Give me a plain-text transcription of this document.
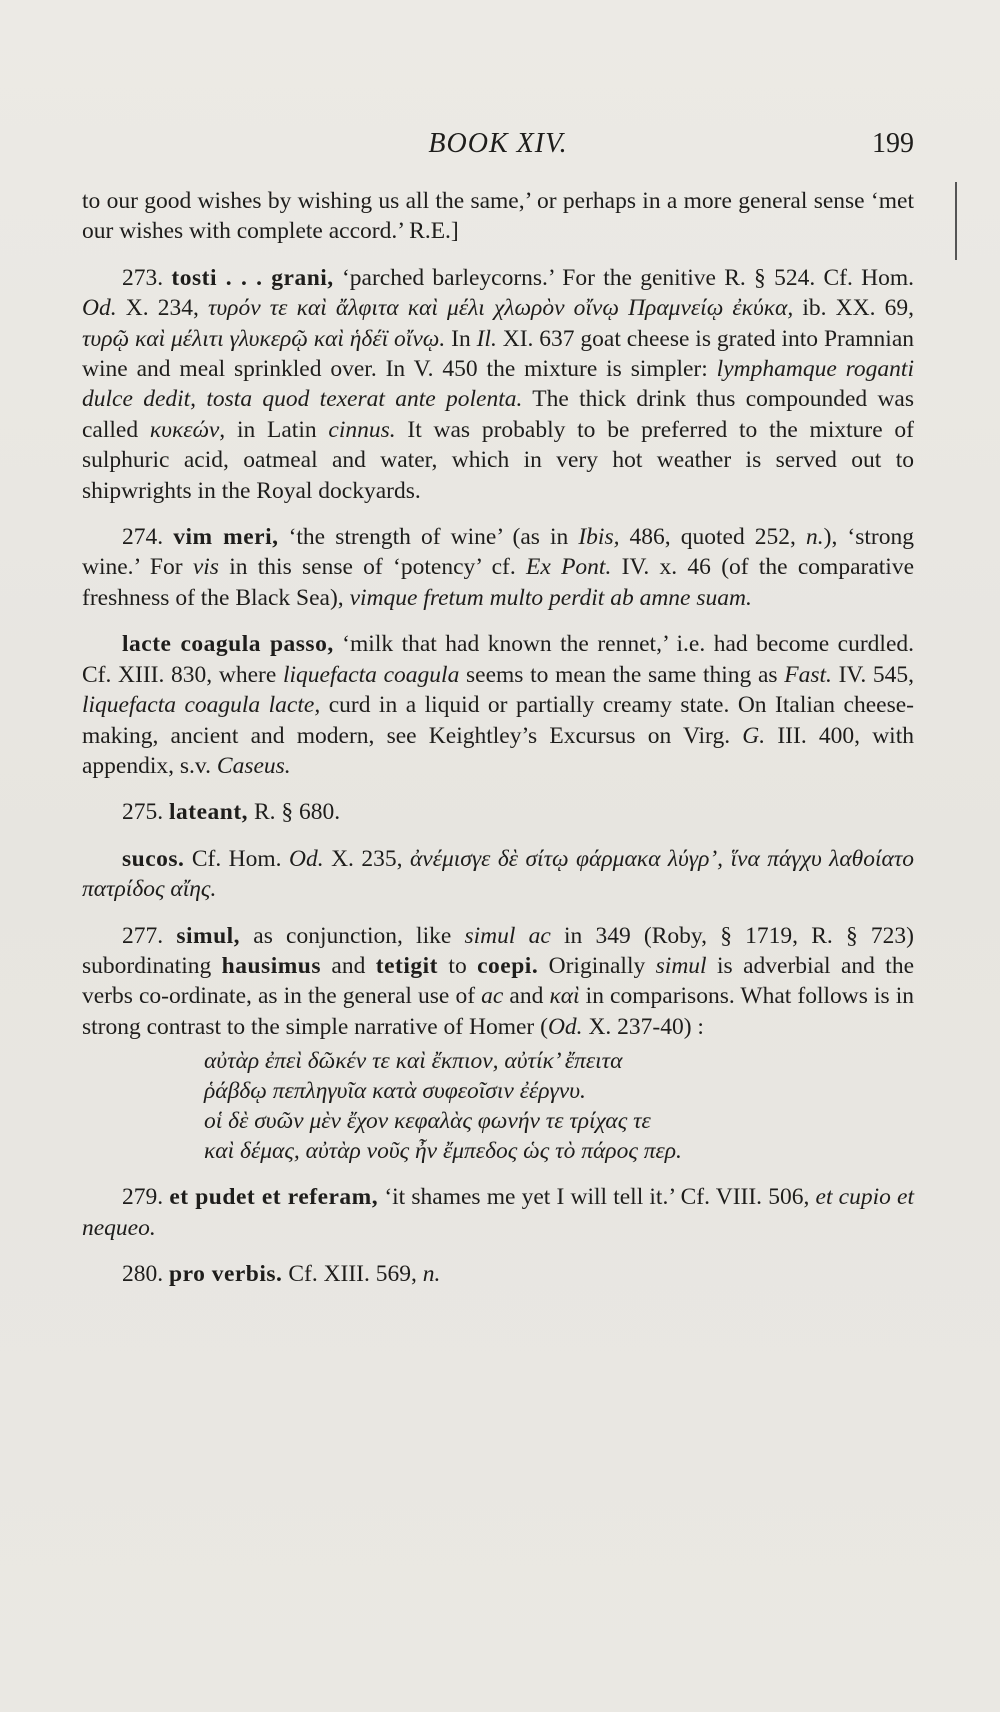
BOOK XIV.	199

to our good wishes by wishing us all the same,’ or perhaps in a more general sense ‘met our wishes with complete accord.’ R.E.]

273. tosti . . . grani, ‘parched barleycorns.’ For the genitive R. § 524. Cf. Hom. Od. X. 234, τυρόν τε καὶ ἄλφιτα καὶ μέλι χλωρὸν οἴνῳ Πραμνείῳ ἐκύκα, ib. XX. 69, τυρῷ καὶ μέλιτι γλυκερῷ καὶ ἡδέϊ οἴνῳ. In Il. XI. 637 goat cheese is grated into Pramnian wine and meal sprinkled over. In V. 450 the mixture is simpler: lymphamque roganti dulce dedit, tosta quod texerat ante polenta. The thick drink thus compounded was called κυκεών, in Latin cinnus. It was probably to be preferred to the mixture of sulphuric acid, oatmeal and water, which in very hot weather is served out to shipwrights in the Royal dockyards.

274. vim meri, ‘the strength of wine’ (as in Ibis, 486, quoted 252, n.), ‘strong wine.’ For vis in this sense of ‘potency’ cf. Ex Pont. IV. x. 46 (of the comparative freshness of the Black Sea), vimque fretum multo perdit ab amne suam.

lacte coagula passo, ‘milk that had known the rennet,’ i.e. had become curdled. Cf. XIII. 830, where liquefacta coagula seems to mean the same thing as Fast. IV. 545, liquefacta coagula lacte, curd in a liquid or partially creamy state. On Italian cheese-making, ancient and modern, see Keightley’s Excursus on Virg. G. III. 400, with appendix, s.v. Caseus.

275. lateant, R. § 680.

sucos. Cf. Hom. Od. X. 235, ἀνέμισγε δὲ σίτῳ φάρμακα λύγρ’, ἵνα πάγχυ λαθοίατο πατρίδος αἴης.

277. simul, as conjunction, like simul ac in 349 (Roby, § 1719, R. § 723) subordinating hausimus and tetigit to coepi. Originally simul is adverbial and the verbs co-ordinate, as in the general use of ac and καὶ in comparisons. What follows is in strong contrast to the simple narrative of Homer (Od. X. 237-40) :

αὐτὰρ ἐπεὶ δῶκέν τε καὶ ἔκπιον, αὐτίκ’ ἔπειτα
ῥάβδῳ πεπληγυῖα κατὰ συφεοῖσιν ἐέργνυ.
οἱ δὲ συῶν μὲν ἔχον κεφαλὰς φωνήν τε τρίχας τε
καὶ δέμας, αὐτὰρ νοῦς ἦν ἔμπεδος ὡς τὸ πάρος περ.

279. et pudet et referam, ‘it shames me yet I will tell it.’ Cf. VIII. 506, et cupio et nequeo.

280. pro verbis. Cf. XIII. 569, n.
